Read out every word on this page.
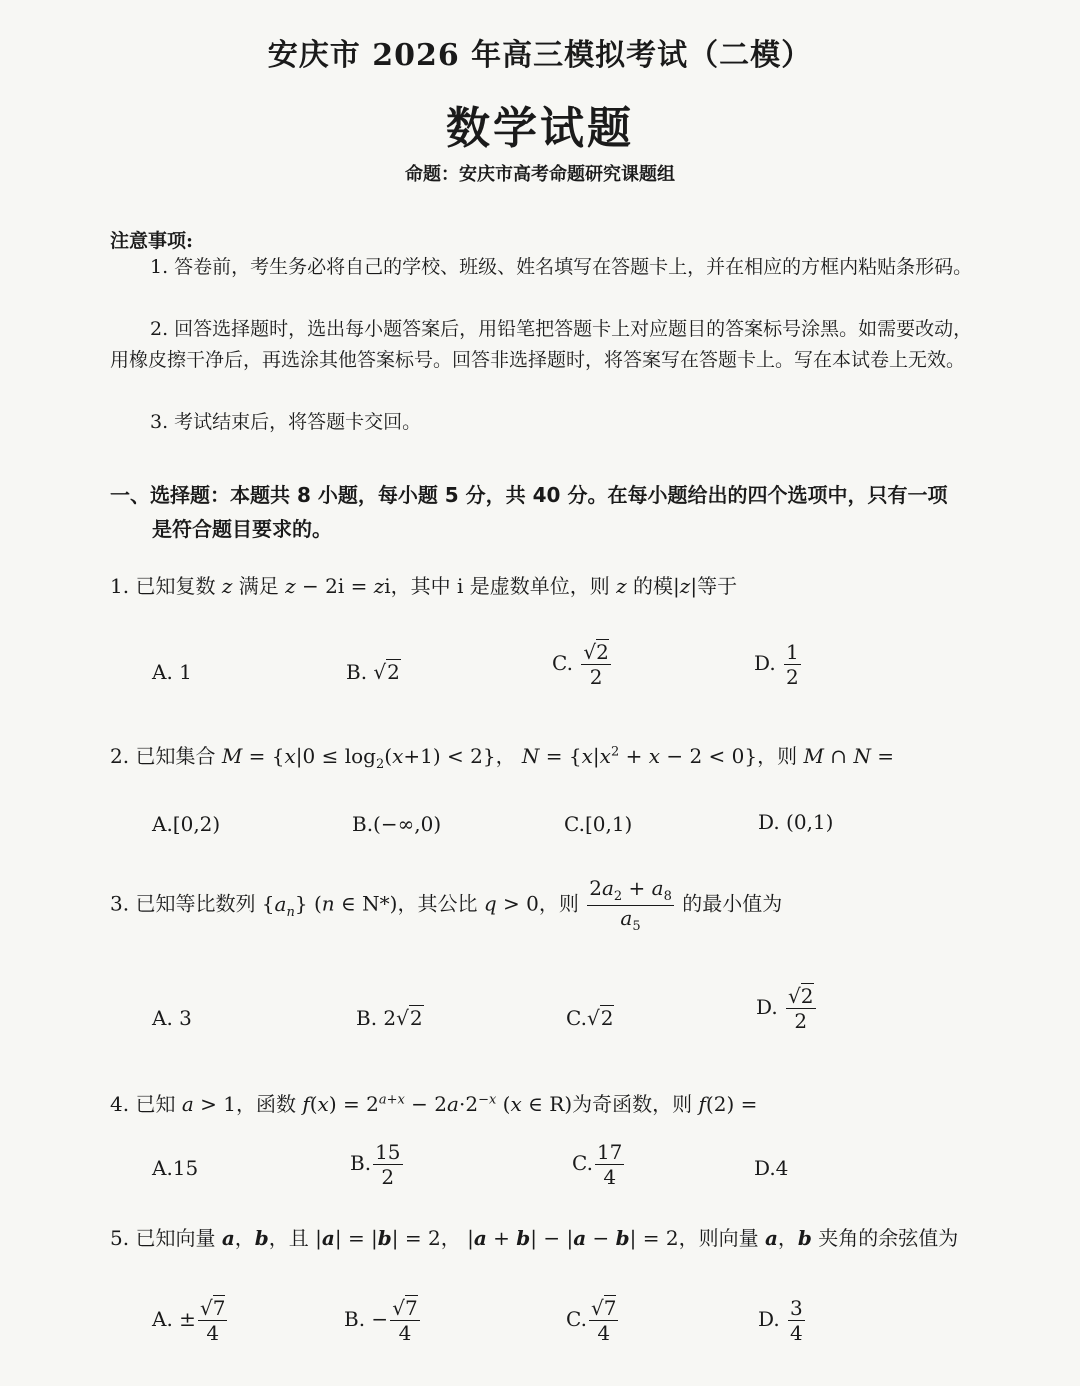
安庆市 2026 年高三模拟考试（二模）
数学试题
命题：安庆市高考命题研究课题组
注意事项:
1. 答卷前，考生务必将自己的学校、班级、姓名填写在答题卡上，并在相应的方框内粘贴条形码。
2. 回答选择题时，选出每小题答案后，用铅笔把答题卡上对应题目的答案标号涂黑。如需要改动，用橡皮擦干净后，再选涂其他答案标号。回答非选择题时，将答案写在答题卡上。写在本试卷上无效。
3. 考试结束后，将答题卡交回。
一、选择题：本题共 8 小题，每小题 5 分，共 40 分。在每小题给出的四个选项中，只有一项
是符合题目要求的。
1. 已知复数 z 满足 z − 2i = zi，其中 i 是虚数单位，则 z 的模|z|等于
A. 1	B. √2	C. $\frac{√2}{2}$	D. $\frac{1}{2}$
2. 已知集合 $M = \{x|0 \le \log_2(x+1) < 2\}$， $N = \{x|x^2 + x - 2 < 0\}$，则 M ∩ N =
A.[0,2)	B.(−∞,0)	C.[0,1)	D. (0,1)
3. 已知等比数列 $\{a_n\}$ (n ∈ N*)，其公比 q > 0，则 $\frac{2a_2 + a_8}{a_5}$ 的最小值为
A. 3	B. 2√2	C.√2	D. $\frac{√2}{2}$
4. 已知 a > 1，函数 $f(x) = 2^{a+x} - 2a\cdot 2^{-x}$ (x ∈ R)为奇函数，则 f(2) =
A.15	B. $\frac{15}{2}$	C. $\frac{17}{4}$	D.4
5. 已知向量 a，b，且 |a| = |b| = 2， |a + b| − |a − b| = 2，则向量 a，b 夹角的余弦值为
A. ± $\frac{√7}{4}$	B. − $\frac{√7}{4}$	C. $\frac{√7}{4}$	D. $\frac{3}{4}$
